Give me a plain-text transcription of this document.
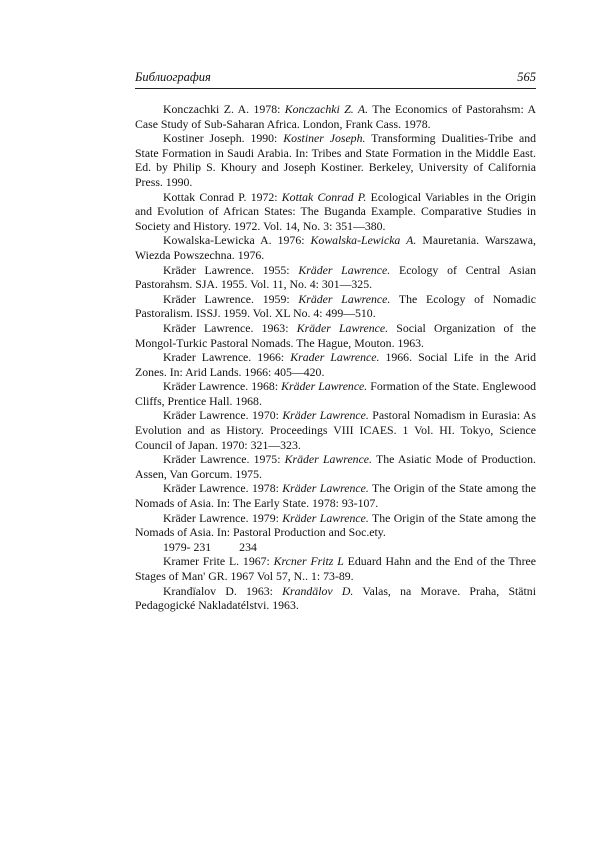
Библиография	565

Konczachki Z. A. 1978: Konczachki Z. A. The Economics of Pastorahsm: A Case Study of Sub-Saharan Africa. London, Frank Cass. 1978.

Kostiner Joseph. 1990: Kostiner Joseph. Transforming Dualities-Tribe and State Formation in Saudi Arabia. In: Tribes and State Formation in the Middle East. Ed. by Philip S. Khoury and Joseph Kostiner. Berkeley, University of California Press. 1990.

Kottak Conrad P. 1972: Kottak Conrad P. Ecological Variables in the Origin and Evolution of African States: The Buganda Example. Comparative Studies in Society and History. 1972. Vol. 14, No. 3: 351—380.

Kowalska-Lewicka A. 1976: Kowalska-Lewicka A. Mauretania. Warszawa, Wiezda Powszechna. 1976.

Kräder Lawrence. 1955: Kräder Lawrence. Ecology of Central Asian Pastorahsm. SJA. 1955. Vol. 11, No. 4: 301—325.

Kräder Lawrence. 1959: Kräder Lawrence. The Ecology of Nomadic Pastoralism. ISSJ. 1959. Vol. XL No. 4: 499—510.

Kräder Lawrence. 1963: Kräder Lawrence. Social Organization of the Mongol-Turkic Pastoral Nomads. The Hague, Mouton. 1963.

Krader Lawrence. 1966: Krader Lawrence. 1966. Social Life in the Arid Zones. In: Arid Lands. 1966: 405—420.

Kräder Lawrence. 1968: Kräder Lawrence. Formation of the State. Englewood Cliffs, Prentice Hall. 1968.

Kräder Lawrence. 1970: Kräder Lawrence. Pastoral Nomadism in Eurasia: As Evolution and as History. Proceedings VIII ICAES. 1 Vol. HI. Tokyo, Science Council of Japan. 1970: 321—323.

Kräder Lawrence. 1975: Kräder Lawrence. The Asiatic Mode of Production. Assen, Van Gorcum. 1975.

Kräder Lawrence. 1978: Kräder Lawrence. The Origin of the State among the Nomads of Asia. In: The Early State. 1978: 93-107.

Kräder Lawrence. 1979: Kräder Lawrence. The Origin of the State among the Nomads of Asia. In: Pastoral Production and Soc.ety.

1979- 231 234

Kramer Frite L. 1967: Krcner Fritz L Eduard Hahn and the End of the Three Stages of Man' GR. 1967 Vol 57, N.. 1: 73-89.

Krandïalov D. 1963: Krandälov D. Valas, na Morave. Praha, Stätni Pedagogické Nakladatélstvi. 1963.
